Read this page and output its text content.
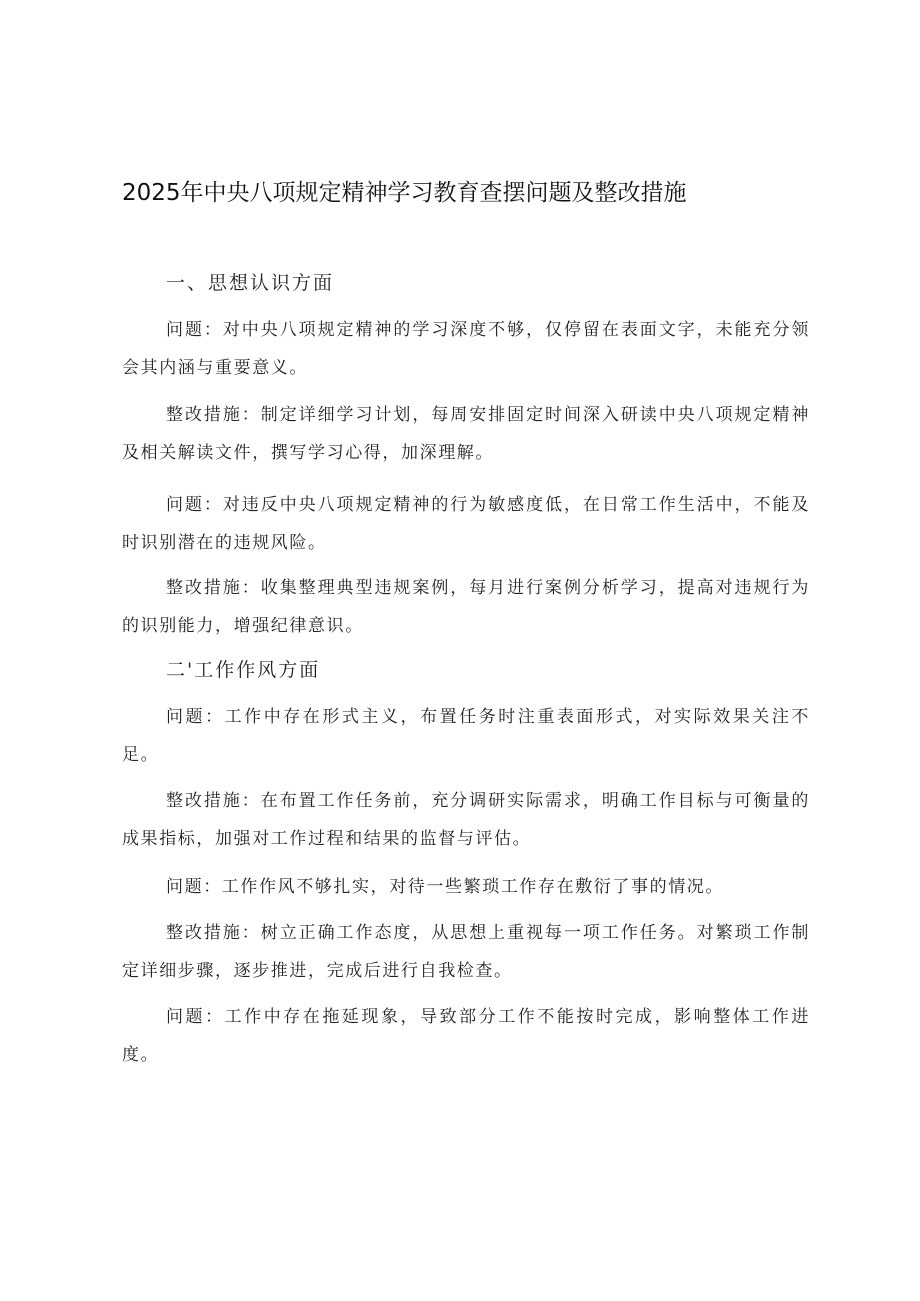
2025年中央八项规定精神学习教育查摆问题及整改措施
一、思想认识方面
问题：对中央八项规定精神的学习深度不够，仅停留在表面文字，未能充分领会其内涵与重要意义。
整改措施：制定详细学习计划，每周安排固定时间深入研读中央八项规定精神及相关解读文件，撰写学习心得，加深理解。
问题：对违反中央八项规定精神的行为敏感度低，在日常工作生活中，不能及时识别潜在的违规风险。
整改措施：收集整理典型违规案例，每月进行案例分析学习，提高对违规行为的识别能力，增强纪律意识。
二'工作作风方面
问题：工作中存在形式主义，布置任务时注重表面形式，对实际效果关注不足。
整改措施：在布置工作任务前，充分调研实际需求，明确工作目标与可衡量的成果指标，加强对工作过程和结果的监督与评估。
问题：工作作风不够扎实，对待一些繁琐工作存在敷衍了事的情况。
整改措施：树立正确工作态度，从思想上重视每一项工作任务。对繁琐工作制定详细步骤，逐步推进，完成后进行自我检查。
问题：工作中存在拖延现象，导致部分工作不能按时完成，影响整体工作进度。
